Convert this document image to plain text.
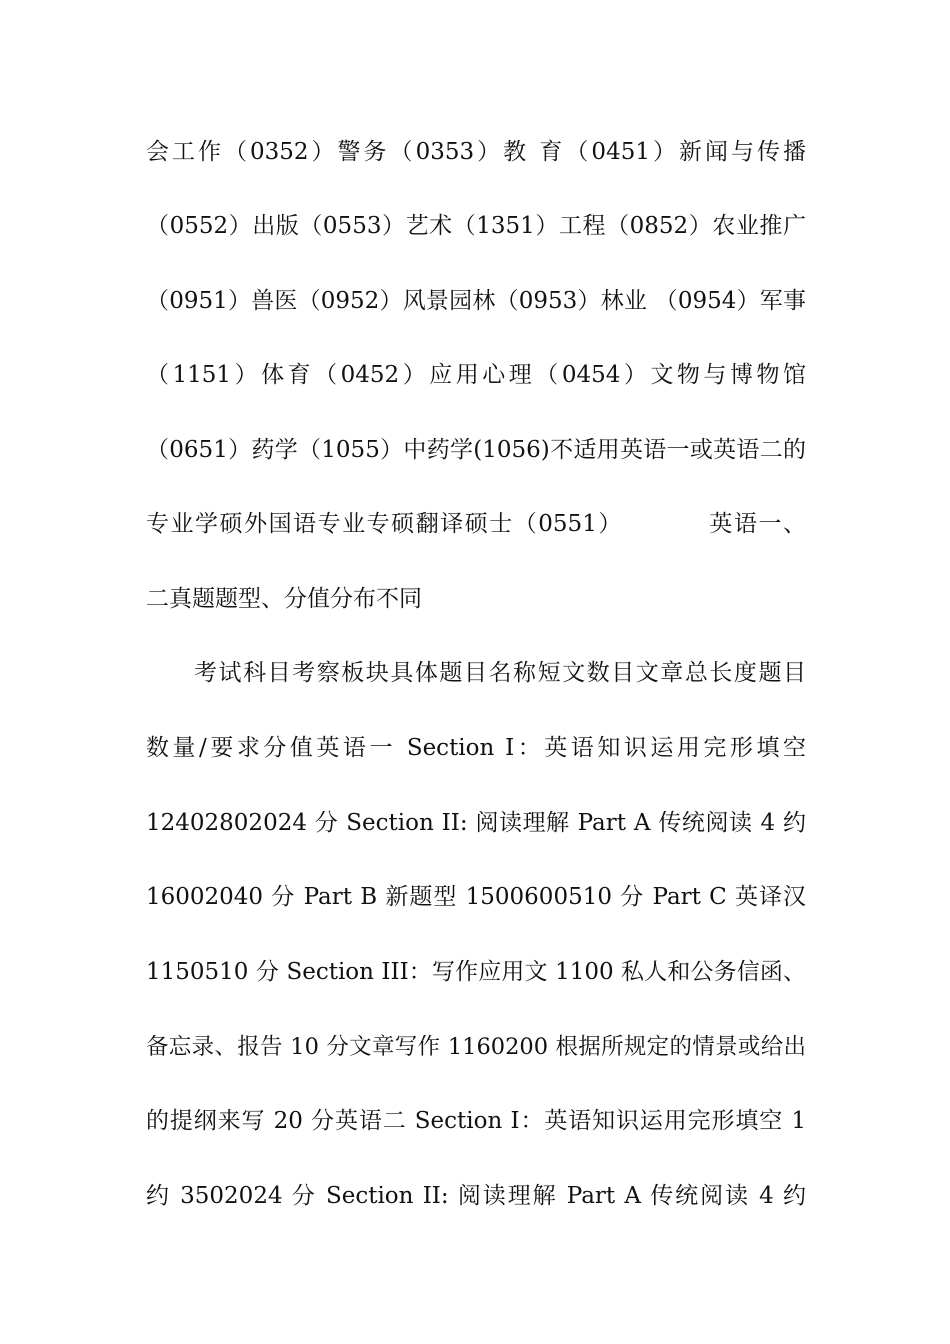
会工作（0352）警务（0353）教 育（0451）新闻与传播
（0552）出版（0553）艺术（1351）工程（0852）农业推广
（0951）兽医（0952）风景园林（0953）林业 （0954）军事
（1151）体育（0452）应用心理（0454）文物与博物馆
（0651）药学（1055）中药学(1056)不适用英语一或英语二的
专业学硕外国语专业专硕翻译硕士（0551）　　　　英语一、
二真题题型、分值分布不同
考试科目考察板块具体题目名称短文数目文章总长度题目
数量/要求分值英语一 Section I：英语知识运用完形填空
12402802024 分 Section II: 阅读理解 Part A 传统阅读 4 约
16002040 分 Part B 新题型 1500600510 分 Part C 英译汉
1150510 分 Section III：写作应用文 1100 私人和公务信函、
备忘录、报告 10 分文章写作 1160200 根据所规定的情景或给出
的提纲来写 20 分英语二 Section I：英语知识运用完形填空 1
约 3502024 分 Section II: 阅读理解 Part A 传统阅读 4 约
